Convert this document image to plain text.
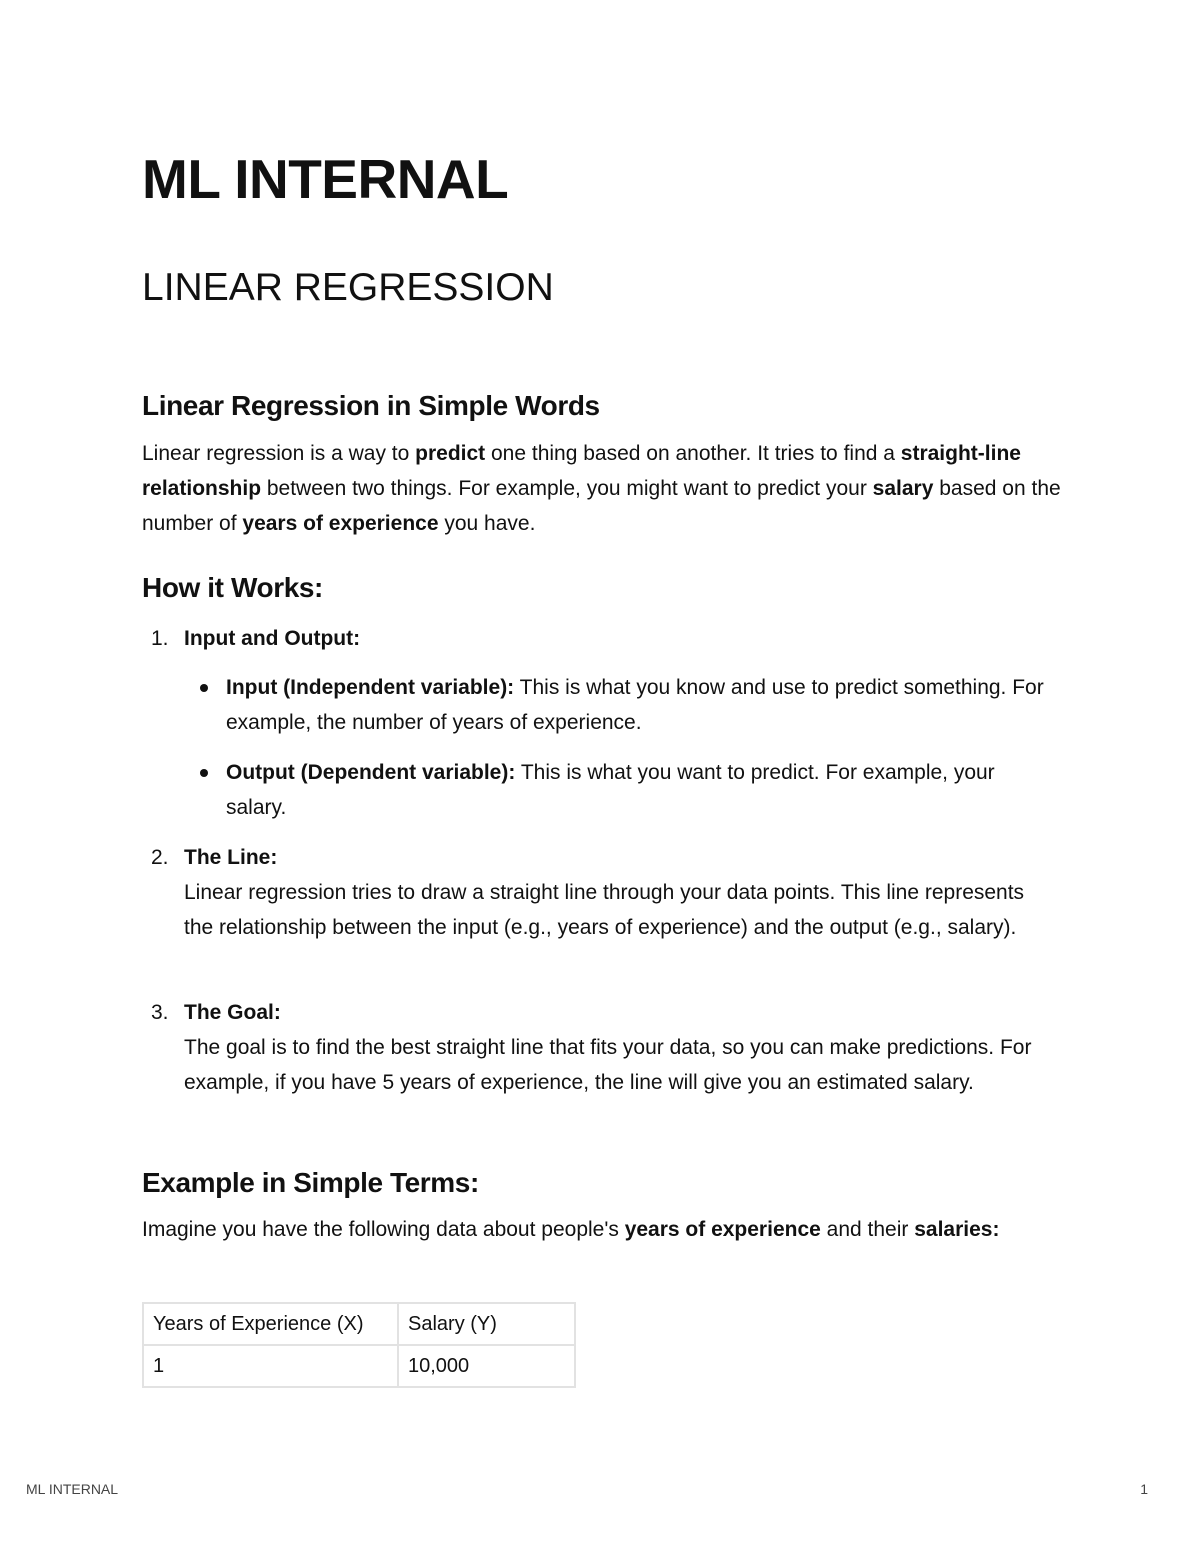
ML INTERNAL
LINEAR REGRESSION
Linear Regression in Simple Words

Linear regression is a way to predict one thing based on another. It tries to find a straight-line relationship between two things. For example, you might want to predict your salary based on the number of years of experience you have.

How it Works:
1. Input and Output:
Input (Independent variable): This is what you know and use to predict something. For example, the number of years of experience.
Output (Dependent variable): This is what you want to predict. For example, your salary.
2. The Line:
Linear regression tries to draw a straight line through your data points. This line represents the relationship between the input (e.g., years of experience) and the output (e.g., salary).
3. The Goal:
The goal is to find the best straight line that fits your data, so you can make predictions. For example, if you have 5 years of experience, the line will give you an estimated salary.
Example in Simple Terms:

Imagine you have the following data about people's years of experience and their salaries:

Years of Experience (X)	Salary (Y)
1	10,000
ML INTERNAL	1
